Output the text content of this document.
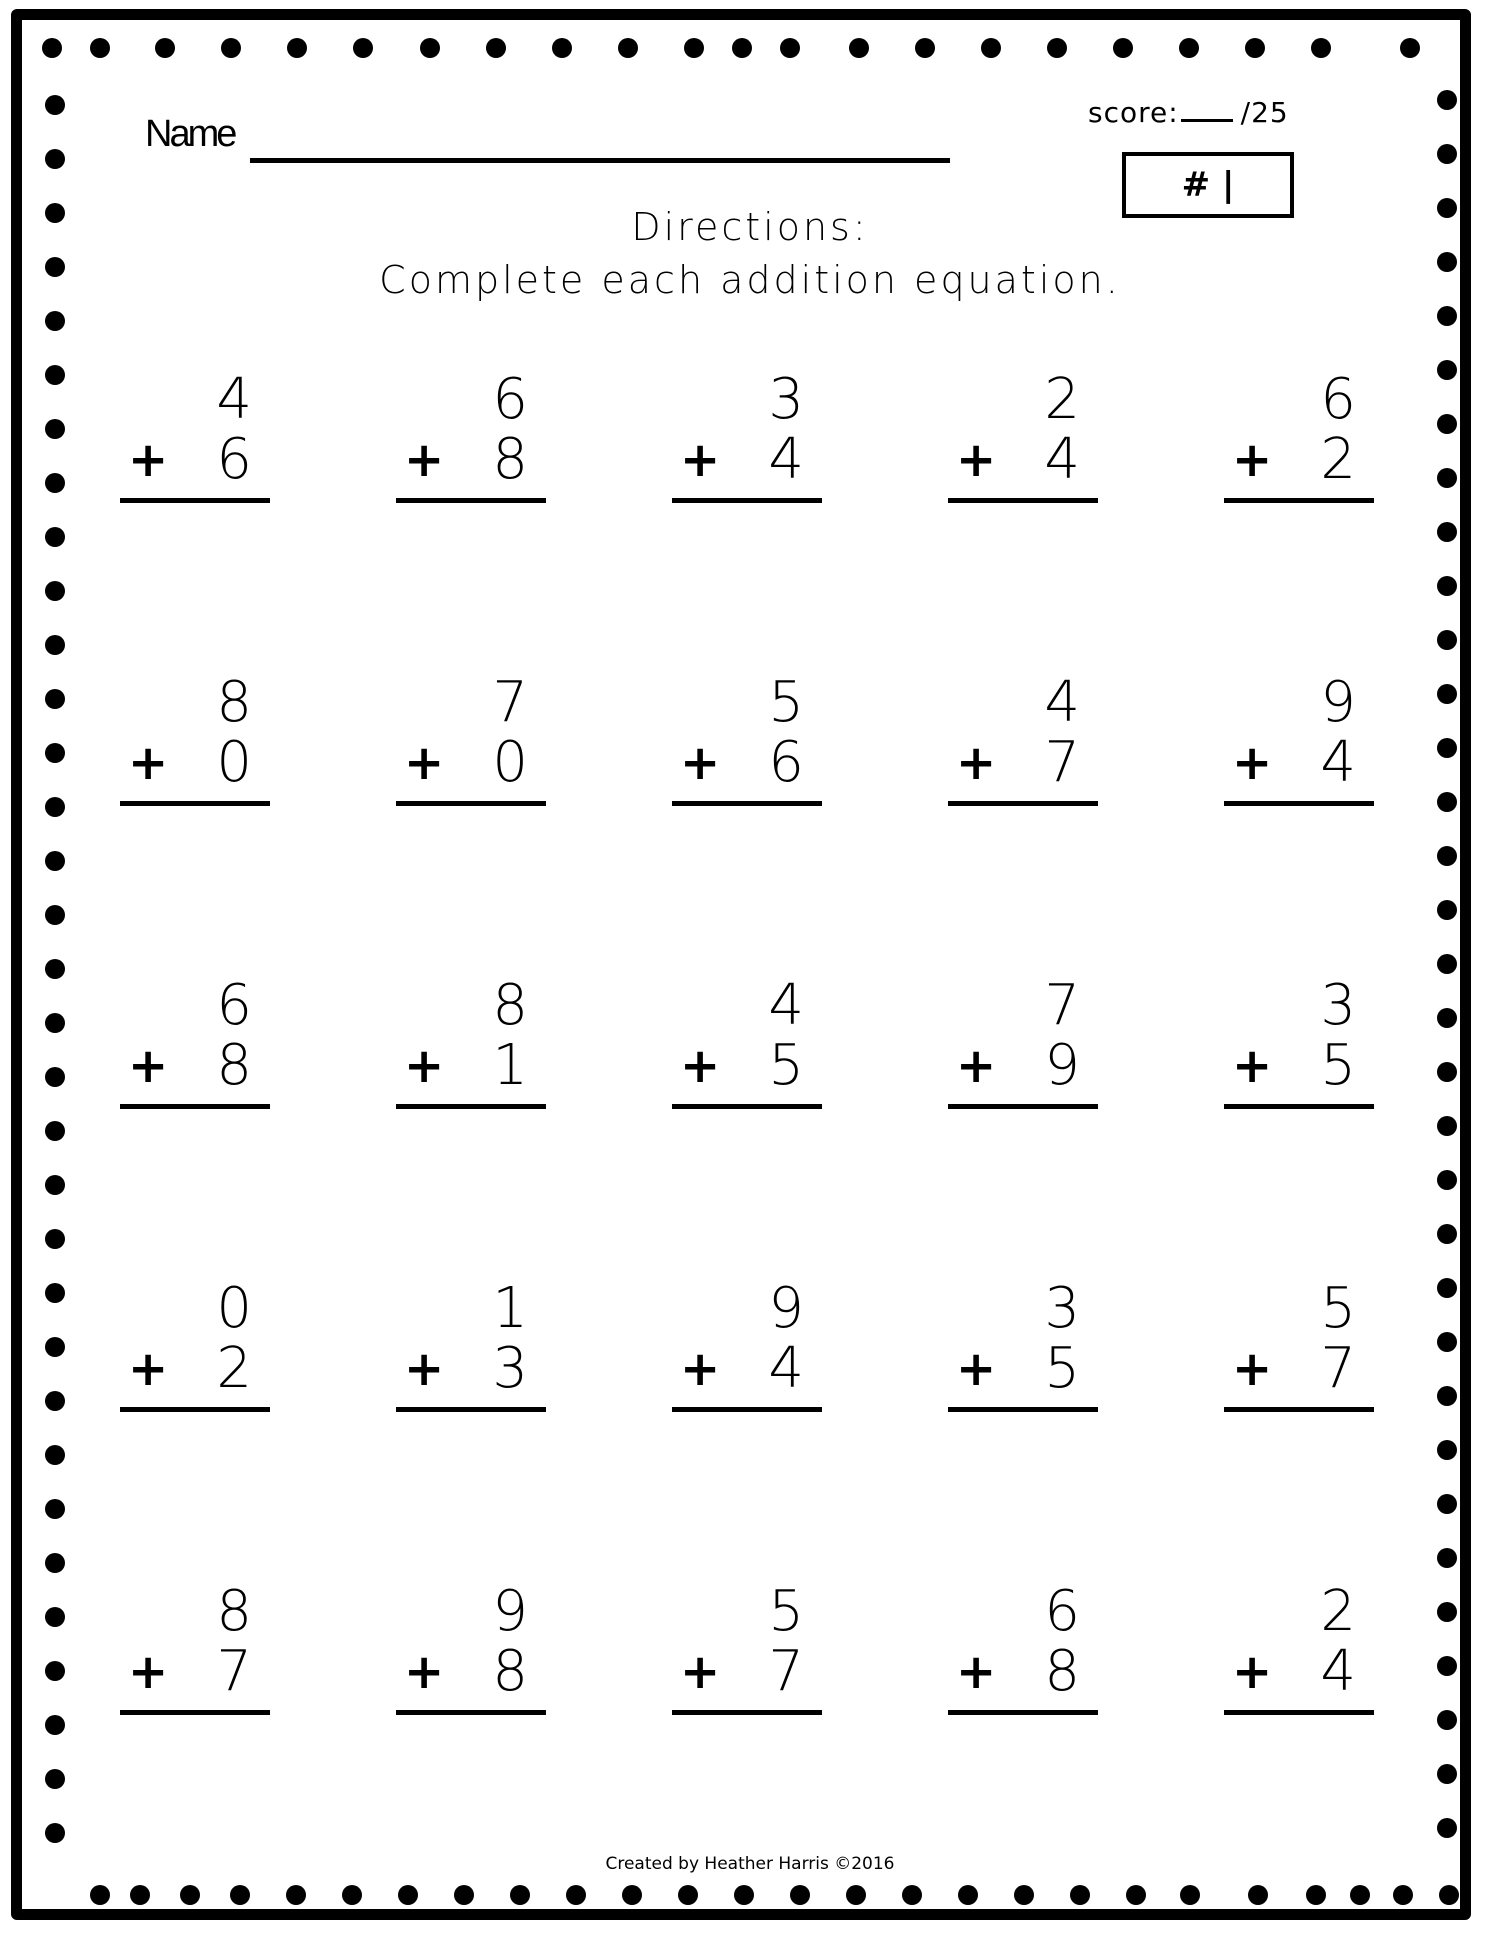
Name
score: /25
# |
Directions:
Complete each addition equation.
4
+ 6
6
+ 8
3
+ 4
2
+ 4
6
+ 2
8
+ 0
7
+ 0
5
+ 6
4
+ 7
9
+ 4
6
+ 8
8
+ 1
4
+ 5
7
+ 9
3
+ 5
0
+ 2
1
+ 3
9
+ 4
3
+ 5
5
+ 7
8
+ 7
9
+ 8
5
+ 7
6
+ 8
2
+ 4
Created by Heather Harris ©2016
